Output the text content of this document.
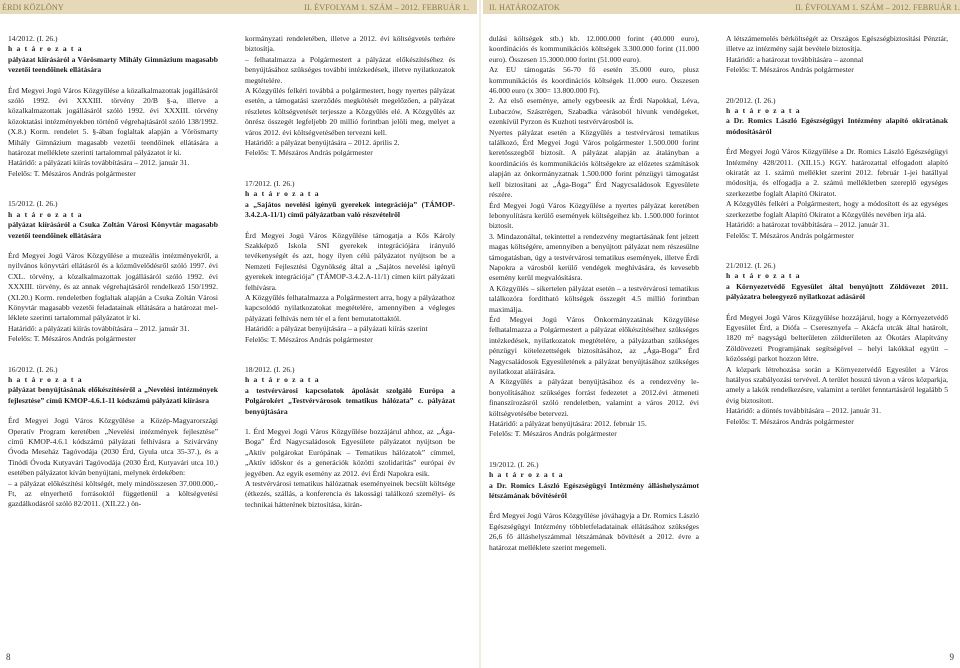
ÉRDI KÖZLÖNY	II. ÉVFOLYAM 1. SZÁM – 2012. FEBRUÁR 1. II. HATÁROZATOK	II. ÉVFOLYAM 1. SZÁM – 2012. FEBRUÁR 1.

14/2012. (I. 26.)

h a t á r o z a t a

pályázat kiírásáról a Vörösmarty Mihály Gimnázium magasabb vezetői teendőinek ellátására

Érd Megyei Jogú Város Közgyűlése a közalkalmazottak jogállásáról szóló 1992. évi XXXIII. törvény 20/B §-a, illetve a közalkalmazottak jogállásáról szóló 1992. évi XXXIII. törvény közoktatási intézményekben történő végrehajtásáról szóló 138/1992. (X.8.) Korm. rendelet 5. §-ában foglaltak alapján a Vörösmarty Mihály Gimnázium magasabb vezetői teendőinek ellátására a határozat melléklete szerinti tartalommal pályázatot ír ki.

Határidő: a pályázati kiírás továbbítására – 2012. január 31.

Felelős: T. Mészáros András polgármester

15/2012. (I. 26.)

h a t á r o z a t a

pályázat kiírásáról a Csuka Zoltán Városi Könyvtár magasabb vezetői teendőinek ellátására

Érd Megyei Jogú Város Közgyűlése a muzeális intézményekről, a nyilvános könyvtári ellátásról és a közművelődésről szóló 1997. évi CXL. törvény, a közalkalmazottak jogállásáról szóló 1992. évi XXXIII. törvény, és az annak végrehajtásáról rendelkező 150/1992. (XI.20.) Korm. rendeletben foglaltak alapján a Csuka Zoltán Városi Könyvtár magasabb vezetői feladatainak ellátására a határozat melléklete szerinti tartalommal pályázatot ír ki.

Határidő: a pályázati kiírás továbbítására – 2012. január 31.

Felelős: T. Mészáros András polgármester

16/2012. (I. 26.)

h a t á r o z a t a

pályázat benyújtásának előkészítéséről a „Nevelési intézmények fejlesztése” című KMOP-4.6.1-11 kódszámú pályázati kiírásra

Érd Megyei Jogú Város Közgyűlése a Közép-Magyarországi Operatív Program keretében „Nevelési intézmények fejlesztése” című KMOP-4.6.1 kódszámú pályázati felhívásra a Szivárvány Óvoda Meseház Tagóvodája (2030 Érd, Gyula utca 35-37.), és a Tinódi Óvoda Kutyavári Tagóvodája (2030 Érd, Kutyavári utca 10.) esetében pályázatot kíván benyújtani, melynek érdekében:

– a pályázat előkészítési költségét, mely mindösszesen 37.000.000,- Ft, az elnyerhető forrásoktól függetlenül a költségvetési gazdálkodásról szóló 82/2011. (XII.22.) ön-

kormányzati rendeletében, illetve a 2012. évi költségvetés terhére biztosítja.

– felhatalmazza a Polgármestert a pályázat előkészítéséhez és benyújtásához szükséges további intézkedések, illetve nyilatkozatok megtételére.

A Közgyűlés felkéri továbbá a polgármestert, hogy nyertes pályázat esetén, a támogatási szerződés megkötését megelőzően, a pályázat részletes költségvetését terjessze a Közgyűlés elé. A Közgyűlés az önrész összegét legfeljebb 20 millió forintban jelöli meg, melyet a város 2012. évi költségvetésében tervezni kell.

Határidő: a pályázat benyújtására – 2012. április 2.

Felelős: T. Mészáros András polgármester

17/2012. (I. 26.)

h a t á r o z a t a

a „Sajátos nevelési igényű gyerekek integrációja” (TÁMOP-3.4.2.A-11/1) című pályázatban való részvételről

Érd Megyei Jogú Város Közgyűlése támogatja a Kős Károly Szakképző Iskola SNI gyerekek integrációjára irányuló tevékenységét és azt, hogy ilyen célú pályázatot nyújtson be a Nemzeti Fejlesztési Ügynökség által a „Sajátos nevelési igényű gyerekek integrációja” (TÁMOP-3.4.2.A-11/1) címen kiírt pályázati felhívásra.

A Közgyűlés felhatalmazza a Polgármestert arra, hogy a pályázathoz kapcsolódó nyilatkozatokat megtételére, amennyiben a végleges pályázati felhívás nem tér el a fent bemutatottaktól.

Határidő: a pályázat benyújtására – a pályázati kiírás szerint

Felelős: T. Mészáros András polgármester

18/2012. (I. 26.)

h a t á r o z a t a

a testvérvárosi kapcsolatok ápolását szolgáló Európa a Polgárokért „Testvérvárosok tematikus hálózata” c. pályázat benyújtására

1. Érd Megyei Jogú Város Közgyűlése hozzájárul ahhoz, az „Ága-Boga” Érd Nagycsaládosok Egyesülete pályázatot nyújtson be „Aktív polgárokat Európának – Tematikus hálózatok” címmel, „Aktív időskor és a generációk közötti szolidaritás” európai év jegyében. Az egyik esemény az 2012. évi Érdi Napokra esik.

A testvérvárosi tematikus hálózatnak eseményeinek becsült költsége (étkezés, szállás, a konferencia és lakossági találkozó személyi- és technikai hátterének biztosítása, kirán-

dulási költségek stb.) kb. 12.000.000 forint (40.000 euro), koordinációs és kommunikációs költségek 3.300.000 forint (11.000 euro). Összesen 15.3000.000 forint (51.000 euro).

Az EU támogatás 56-70 fő esetén 35.000 euro, plusz kommunikációs és koordinációs költségek 11.000 euro. Összesen 46.000 euro (x 300= 13.800.000 Ft).

2. Az első eseménye, amely egybeesik az Érdi Napokkal, Léva, Lubaczów, Szászrégen, Szabadka várásoból hívunk vendégeket, ezenkívül Pyrzon és Kuzhoti testvérvárosból is.

Nyertes pályázat esetén a Közgyűlés a testvérvárosi tematikus találkozó, Érd Megyei Jogú Város polgármester 1.500.000 forint keretösszegből biztosít. A pályázat alapján az átalányban a koordinációs és kommunikációs költségekre az előzetes számítások alapján az önkormányzatnak 1.500.000 forint pénzügyi támogatást kell biztosítani az „Ága-Boga” Érd Nagycsaládosok Egyesülete részére.

Érd Megyei Jogú Város Közgyűlése a nyertes pályázat keretében lebonyolításra kerülő események költségeihez kb. 1.500.000 forintot biztosít.

3. Mindazonáltal, tekintettel a rendezvény megtartásának fent jelzett magas költségére, amennyiben a benyújtott pályázat nem részesülne támogatásban, úgy a testvérvárosi tematikus események, illetve Érdi Napokra a városból kerülő vendégek meghívására, és kevesebb esemény kerül megvalósításra.

A Közgyűlés – sikertelen pályázat esetén – a testvérvárosi tematikus találkozóra fordítható költségek összegét 4.5 millió forintban maximálja.

Érd Megyei Jogú Város Önkormányzatának Közgyűlése felhatalmazza a Polgármestert a pályázat előkészítéséhez szükséges intézkedések, nyilatkozatok megtételére, a pályázatban szükséges pénzügyi kötelezettségek biztosításához, az „Ága-Boga” Érd Nagycsaládosok Egyesületének a pályázat benyújtásához szükséges nyilatkozat aláírására.

A Közgyűlés a pályázat benyújtásához és a rendezvény lebonyolításához szükséges forrást fedezetet a 2012.évi átmeneti finanszírozásról szóló rendeletben, valamint a város 2012. évi költségvetésébe betervezi.

Határidő: a pályázat benyújtására: 2012. február 15.

Felelős: T. Mészáros András polgármester

19/2012. (I. 26.)

h a t á r o z a t a

a Dr. Romics László Egészségügyi Intézmény álláshelyszámot létszámának bővítéséről

Érd Megyei Jogú Város Közgyűlése jóváhagyja a Dr. Romics László Egészségügyi Intézmény többletfeladatainak ellátásához szükséges 26,6 fő álláshelyszámmal létszámának bővítését a 2012. évre a határozat melléklete szerint megemeli.

A létszámemelés bérköltségét az Országos Egészségbiztosítási Pénztár, illetve az intézmény saját bevétele biztosítja.

Határidő: a határozat továbbítására – azonnal

Felelős: T. Mészáros András polgármester

20/2012. (I. 26.)

h a t á r o z a t a

a Dr. Romics László Egészségügyi Intézmény alapító okiratának módosításáról

Érd Megyei Jogú Város Közgyűlése a Dr. Romics László Egészségügyi Intézmény 428/2011. (XII.15.) KGY. határozattal elfogadott alapító okiratát az 1. számú melléklet szerint 2012. február 1-jei hatállyal módosítja, és elfogadja a 2. számú mellékletben szereplő egységes szerkezetbe foglalt Alapító Okiratot.

A Közgyűlés felkéri a Polgármestert, hogy a módosított és az egységes szerkezetbe foglalt Alapító Okiratot a Közgyűlés nevében írja alá.

Határidő: a határozat továbbítására – 2012. január 31.

Felelős: T. Mészáros András polgármester

21/2012. (I. 26.)

h a t á r o z a t a

a Környezetvédő Egyesület által benyújtott Zöldövezet 2011. pályázatra beleegyező nyilatkozat adásáról

Érd Megyei Jogú Város Közgyűlése hozzájárul, hogy a Környezetvédő Egyesület Érd, a Diófa – Cseresznyefa – Akácfa utcák által határolt, 1820 m² nagyságú belterületen zöldterületen az Ökotárs Alapítvány Zöldövezeti Programjának segítségével – helyi lakókkal együtt – közösségi parkot hozzon létre.

A közpark létrehozása során a Környezetvédő Egyesület a Város hatályos szabályozási tervével. A terület hosszú távon a város közparkja, amely a lakók rendelkezésre, valamint a terület fenntartásáról legalább 5 évig biztosított.

Határidő: a döntés továbbítására – 2012. január 31.

Felelős: T. Mészáros András polgármester

8	9
